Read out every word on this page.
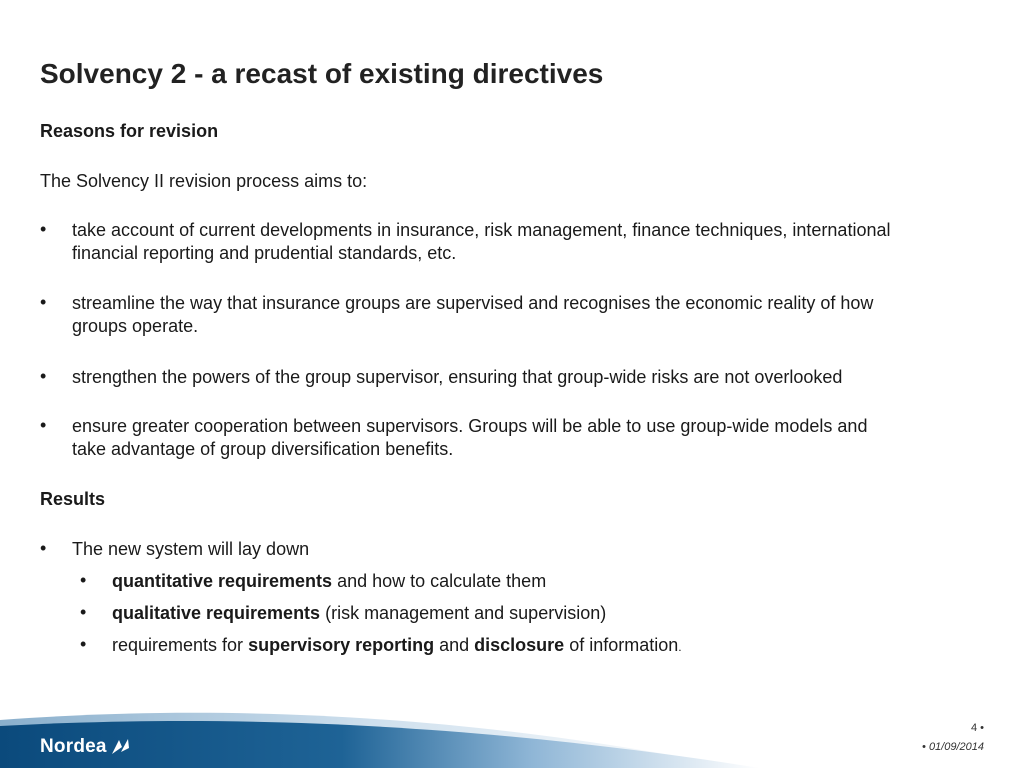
Solvency 2 - a recast of existing directives
Reasons for revision
The Solvency II revision process aims to:
• take account of current developments in insurance, risk management, finance techniques, international
financial reporting and prudential standards, etc.
• streamline the way that insurance groups are supervised and recognises the economic reality of how
groups operate.
• strengthen the powers of the group supervisor, ensuring that group-wide risks are not overlooked
• ensure greater cooperation between supervisors. Groups will be able to use group-wide models and
take advantage of group diversification benefits.
Results
• The new system will lay down
• quantitative requirements and how to calculate them
• qualitative requirements (risk management and supervision)
• requirements for supervisory reporting and disclosure of information.
Nordea
4 •
• 01/09/2014
